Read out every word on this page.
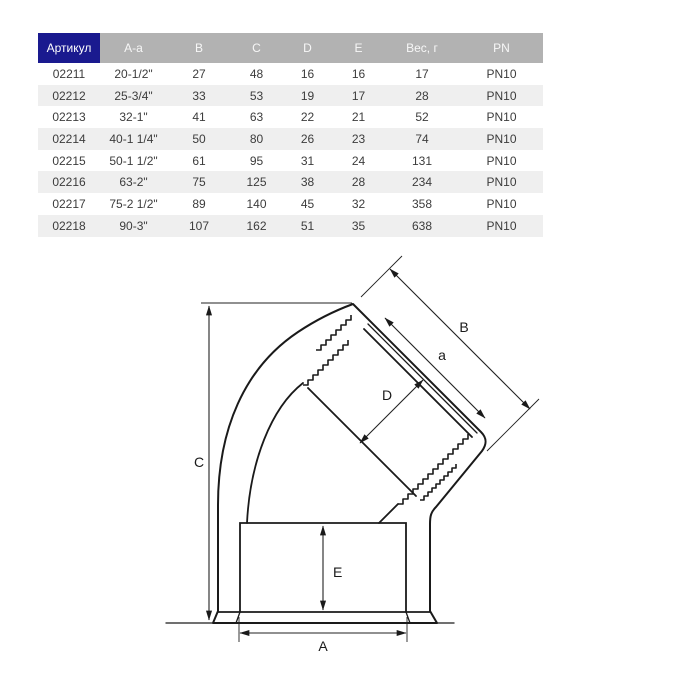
Артикул	A-a	B	C	D	E	Вес, г	PN
02211	20-1/2"	27	48	16	16	17	PN10
02212	25-3/4"	33	53	19	17	28	PN10
02213	32-1"	41	63	22	21	52	PN10
02214	40-1 1/4"	50	80	26	23	74	PN10
02215	50-1 1/2"	61	95	31	24	131	PN10
02216	63-2"	75	125	38	28	234	PN10
02217	75-2 1/2"	89	140	45	32	358	PN10
02218	90-3"	107	162	51	35	638	PN10
C
A
E
B
a
D
